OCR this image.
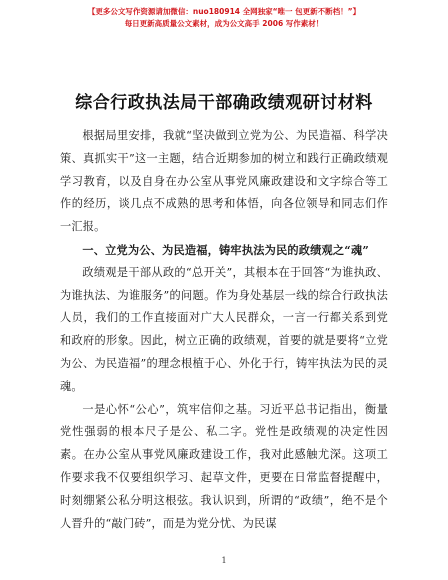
【更多公文写作资源请加微信：nuo180914 全网独家“唯一 包更新不断档！”】
每日更新高质量公文素材，成为公文高手 2006 写作素材！
综合行政执法局干部确政绩观研讨材料

根据局里安排，我就“坚决做到立党为公、为民造福、科学决策、真抓实干”这一主题，结合近期参加的树立和践行正确政绩观学习教育，以及自身在办公室从事党风廉政建设和文字综合等工作的经历，谈几点不成熟的思考和体悟，向各位领导和同志们作一汇报。

一、立党为公、为民造福，铸牢执法为民的政绩观之“魂”

政绩观是干部从政的“总开关”，其根本在于回答“为谁执政、为谁执法、为谁服务”的问题。作为身处基层一线的综合行政执法人员，我们的工作直接面对广大人民群众，一言一行都关系到党和政府的形象。因此，树立正确的政绩观，首要的就是要将“立党为公、为民造福”的理念根植于心、外化于行，铸牢执法为民的灵魂。

一是心怀“公心”，筑牢信仰之基。习近平总书记指出，衡量党性强弱的根本尺子是公、私二字。党性是政绩观的决定性因素。在办公室从事党风廉政建设工作，我对此感触尤深。这项工作要求我不仅要组织学习、起草文件，更要在日常监督提醒中，时刻绷紧公私分明这根弦。我认识到，所谓的“政绩”，绝不是个人晋升的“敲门砖”，而是为党分忧、为民谋

1
